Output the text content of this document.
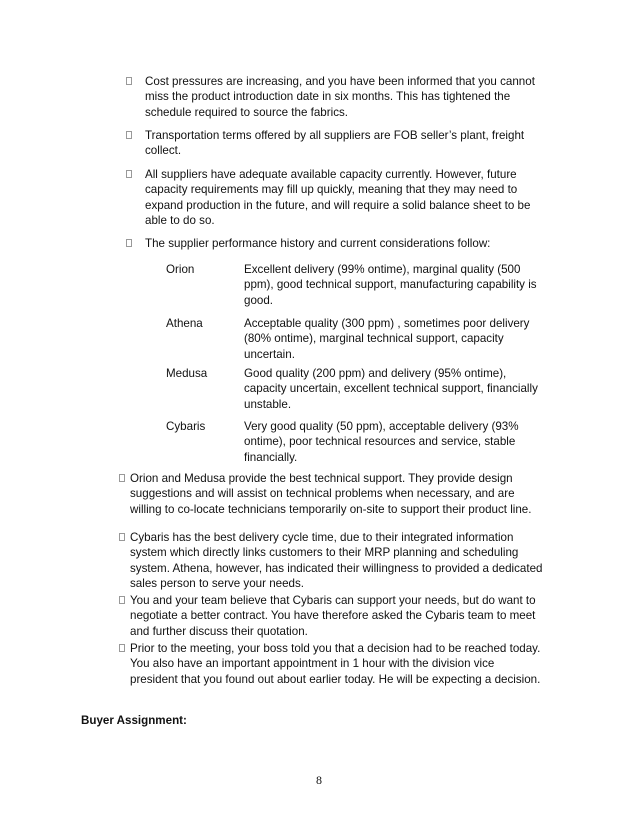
Cost pressures are increasing, and you have been informed that you cannot miss the product introduction date in six months. This has tightened the schedule required to source the fabrics.
Transportation terms offered by all suppliers are FOB seller’s plant, freight collect.
All suppliers have adequate available capacity currently. However, future capacity requirements may fill up quickly, meaning that they may need to expand production in the future, and will require a solid balance sheet to be able to do so.
The supplier performance history and current considerations follow:
Orion	Excellent delivery (99% ontime), marginal quality (500 ppm), good technical support, manufacturing capability is good.
Athena	Acceptable quality (300 ppm) , sometimes poor delivery (80% ontime), marginal technical support, capacity uncertain.
Medusa	Good quality (200 ppm) and delivery (95% ontime), capacity uncertain, excellent technical support, financially unstable.
Cybaris	Very good quality (50 ppm), acceptable delivery (93% ontime), poor technical resources and service, stable financially.
Orion and Medusa provide the best technical support. They provide design suggestions and will assist on technical problems when necessary, and are willing to co-locate technicians temporarily on-site to support their product line.
Cybaris has the best delivery cycle time, due to their integrated information system which directly links customers to their MRP planning and scheduling system. Athena, however, has indicated their willingness to provided a dedicated sales person to serve your needs.
You and your team believe that Cybaris can support your needs, but do want to negotiate a better contract. You have therefore asked the Cybaris team to meet and further discuss their quotation.
Prior to the meeting, your boss told you that a decision had to be reached today. You also have an important appointment in 1 hour with the division vice president that you found out about earlier today. He will be expecting a decision.
Buyer Assignment:
8
